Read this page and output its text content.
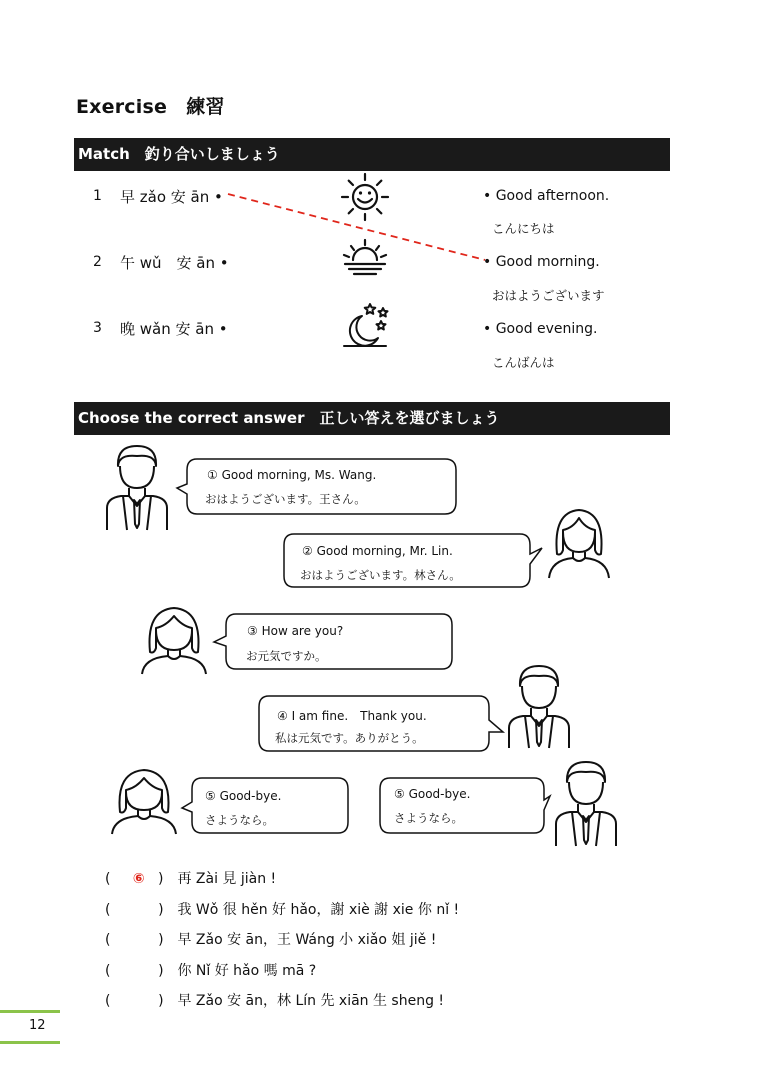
Exercise　練習
Match　釣り合いしましょう
1 早 zǎo 安 ān •
2 午 wǔ　安 ān •
3 晚 wǎn 安 ān •
• Good afternoon.
こんにちは
• Good morning.
おはようございます
• Good evening.
こんばんは
Choose the correct answer　正しい答えを選びましょう
① Good morning, Ms. Wang.
おはようございます。王さん。
② Good morning, Mr. Lin.
おはようございます。林さん。
③ How are you?
お元気ですか。
④ I am fine.　Thank you.
私は元気です。ありがとう。
⑤ Good-bye.
さようなら。
⑤ Good-bye.
さようなら。
( ⑥ ) 再 Zài 見 jiàn !
(	) 我 Wǒ 很 hěn 好 hǎo，謝 xiè 謝 xie 你 nǐ !
(	) 早 Zǎo 安 ān，王 Wáng 小 xiǎo 姐 jiě !
(	) 你 Nǐ 好 hǎo 嗎 mā ?
(	) 早 Zǎo 安 ān，林 Lín 先 xiān 生 sheng !
12
